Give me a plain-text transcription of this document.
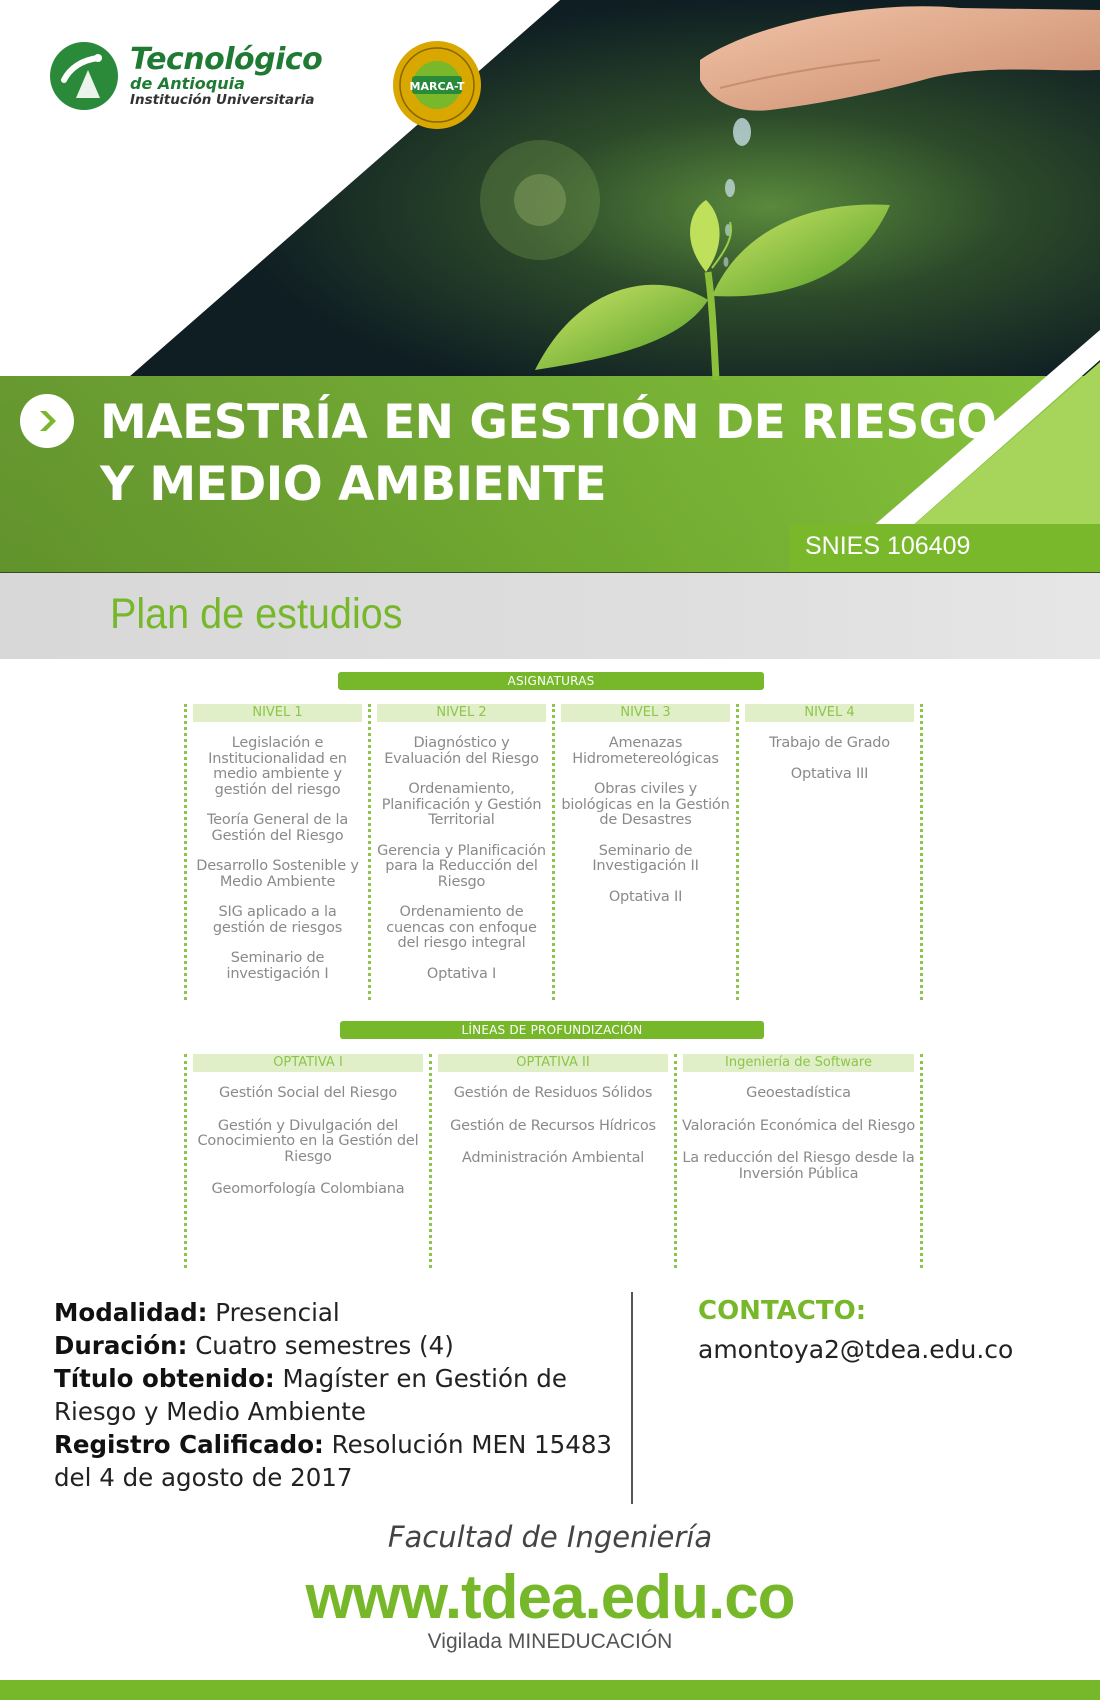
Tecnológico
de Antioquia
Institución Universitaria
MARCA-T
MAESTRÍA EN GESTIÓN DE RIESGO Y MEDIO AMBIENTE
SNIES 106409
Plan de estudios
ASIGNATURAS
NIVEL 1
Legislación e Institucionalidad en medio ambiente y gestión del riesgo
Teoría General de la Gestión del Riesgo
Desarrollo Sostenible y Medio Ambiente
SIG aplicado a la gestión de riesgos
Seminario de investigación I
NIVEL 2
Diagnóstico y Evaluación del Riesgo
Ordenamiento, Planificación y Gestión Territorial
Gerencia y Planificación para la Reducción del Riesgo
Ordenamiento de cuencas con enfoque del riesgo integral
Optativa I
NIVEL 3
Amenazas Hidrometereológicas
Obras civiles y biológicas en la Gestión de Desastres
Seminario de Investigación II
Optativa II
NIVEL 4
Trabajo de Grado
Optativa III
LÍNEAS DE PROFUNDIZACIÓN
OPTATIVA I
Gestión Social del Riesgo
Gestión y Divulgación del Conocimiento en la Gestión del Riesgo
Geomorfología Colombiana
OPTATIVA II
Gestión de Residuos Sólidos
Gestión de Recursos Hídricos
Administración Ambiental
Ingeniería de Software
Geoestadística
Valoración Económica del Riesgo
La reducción del Riesgo desde la Inversión Pública
Modalidad: Presencial
Duración: Cuatro semestres (4)
Título obtenido: Magíster en Gestión de Riesgo y Medio Ambiente
Registro Calificado: Resolución MEN 15483 del 4 de agosto de 2017
CONTACTO:
amontoya2@tdea.edu.co
Facultad de Ingeniería
www.tdea.edu.co
Vigilada MINEDUCACIÓN
